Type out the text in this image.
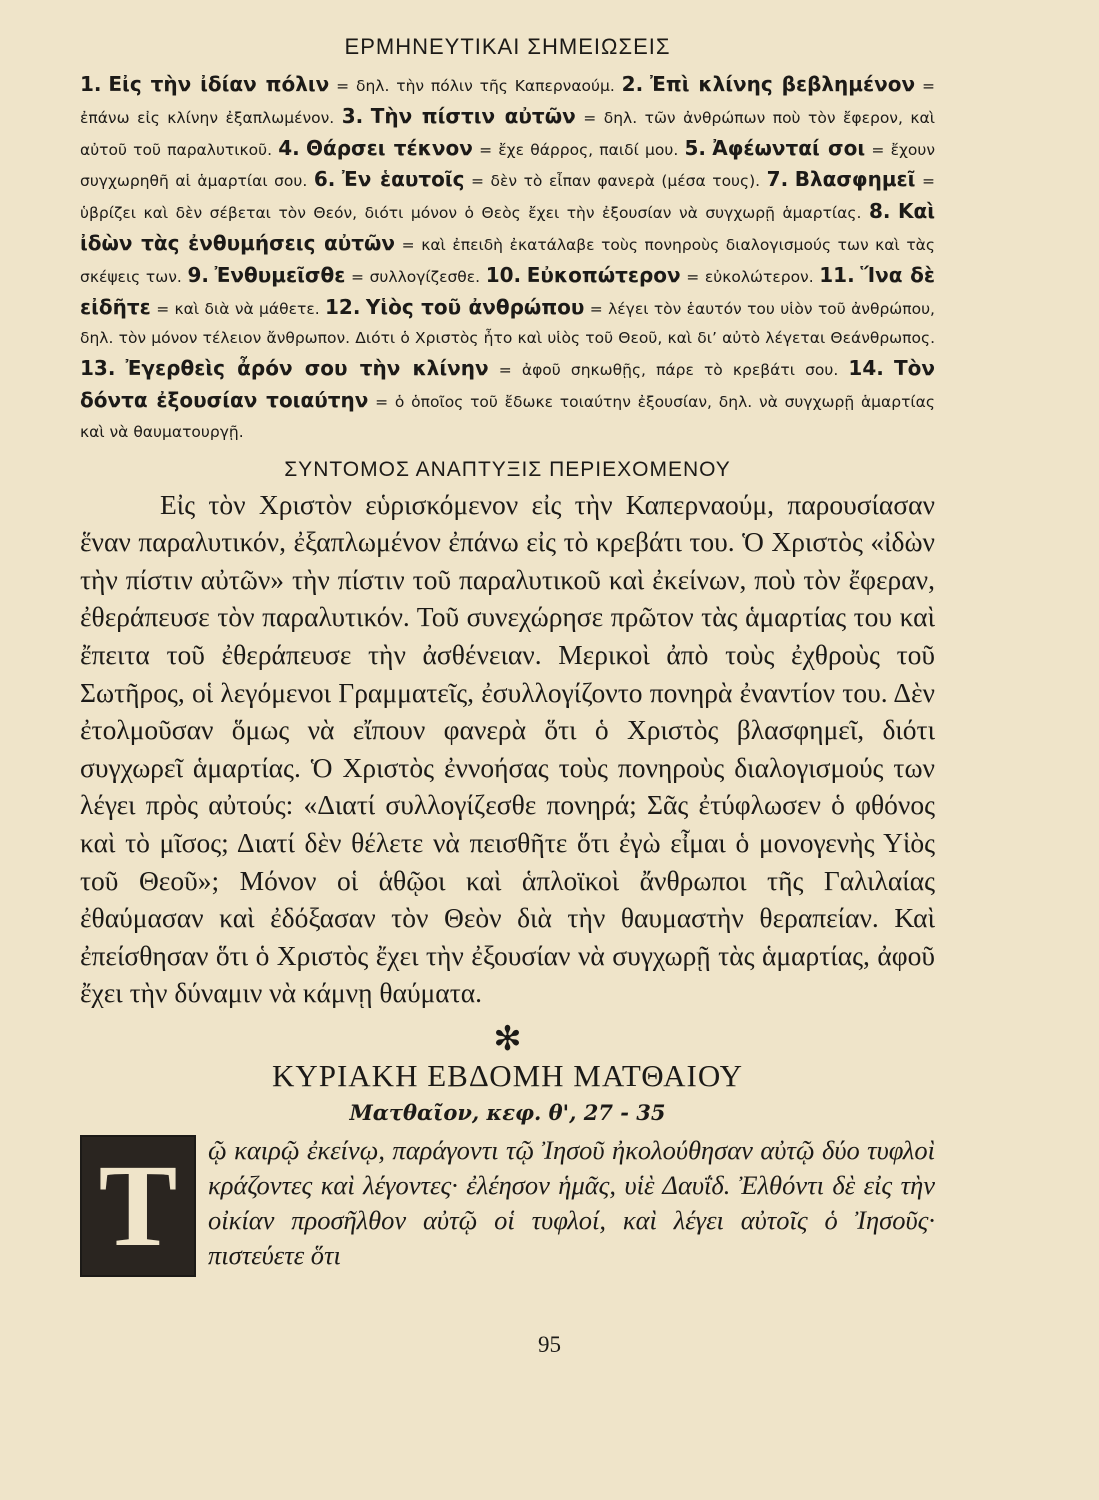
ΕΡΜΗΝΕΥΤΙΚΑΙ ΣΗΜΕΙΩΣΕΙΣ
1. Εἰς τὴν ἰδίαν πόλιν = δηλ. τὴν πόλιν τῆς Καπερναούμ. 2. Ἐπὶ κλίνης βεβλημένον = ἐπάνω εἰς κλίνην ἐξαπλωμένον. 3. Τὴν πίστιν αὐτῶν = δηλ. τῶν ἀνθρώπων ποὺ τὸν ἔφερον, καὶ αὐτοῦ τοῦ παραλυτικοῦ. 4. Θάρσει τέκνον = ἔχε θάρρος, παιδί μου. 5. Ἀφέωνταί σοι = ἔχουν συγχωρηθῆ αἱ ἁμαρτίαι σου. 6. Ἐν ἑαυτοῖς = δὲν τὸ εἶπαν φανερὰ (μέσα τους). 7. Βλασφημεῖ = ὑβρίζει καὶ δὲν σέβεται τὸν Θεόν, διότι μόνον ὁ Θεὸς ἔχει τὴν ἐξουσίαν νὰ συγχωρῇ ἁμαρτίας. 8. Καὶ ἰδὼν τὰς ἐνθυμήσεις αὐτῶν = καὶ ἐπειδὴ ἐκατάλαβε τοὺς πονηροὺς διαλογισμούς των καὶ τὰς σκέψεις των. 9. Ἐνθυμεῖσθε = συλλογίζεσθε. 10. Εὐκοπώτερον = εὐκολώτερον. 11. Ἵνα δὲ εἰδῆτε = καὶ διὰ νὰ μάθετε. 12. Υἱὸς τοῦ ἀνθρώπου = λέγει τὸν ἑαυτόν του υἱὸν τοῦ ἀνθρώπου, δηλ. τὸν μόνον τέλειον ἄνθρωπον. Διότι ὁ Χριστὸς ἦτο καὶ υἱὸς τοῦ Θεοῦ, καὶ δι’ αὐτὸ λέγεται Θεάνθρωπος. 13. Ἐγερθεὶς ἆρόν σου τὴν κλίνην = ἀφοῦ σηκωθῇς, πάρε τὸ κρεβάτι σου. 14. Τὸν δόντα ἐξουσίαν τοιαύτην = ὁ ὁποῖος τοῦ ἔδωκε τοιαύτην ἐξουσίαν, δηλ. νὰ συγχωρῇ ἁμαρτίας καὶ νὰ θαυματουργῇ.
ΣΥΝΤΟΜΟΣ ΑΝΑΠΤΥΞΙΣ ΠΕΡΙΕΧΟΜΕΝΟΥ

Εἰς τὸν Χριστὸν εὑρισκόμενον εἰς τὴν Καπερναούμ, παρουσίασαν ἕναν παραλυτικόν, ἐξαπλωμένον ἐπάνω εἰς τὸ κρεβάτι του. Ὁ Χριστὸς «ἰδὼν τὴν πίστιν αὐτῶν» τὴν πίστιν τοῦ παραλυτικοῦ καὶ ἐκείνων, ποὺ τὸν ἔφεραν, ἐθεράπευσε τὸν παραλυτικόν. Τοῦ συνεχώρησε πρῶτον τὰς ἁμαρτίας του καὶ ἔπειτα τοῦ ἐθεράπευσε τὴν ἀσθένειαν. Μερικοὶ ἀπὸ τοὺς ἐχθροὺς τοῦ Σωτῆρος, οἱ λεγόμενοι Γραμματεῖς, ἐσυλλογίζοντο πονηρὰ ἐναντίον του. Δὲν ἐτολμοῦσαν ὅμως νὰ εἴπουν φανερὰ ὅτι ὁ Χριστὸς βλασφημεῖ, διότι συγχωρεῖ ἁμαρτίας. Ὁ Χριστὸς ἐννοήσας τοὺς πονηροὺς διαλογισμούς των λέγει πρὸς αὐτούς: «Διατί συλλογίζεσθε πονηρά; Σᾶς ἐτύφλωσεν ὁ φθόνος καὶ τὸ μῖσος; Διατί δὲν θέλετε νὰ πεισθῆτε ὅτι ἐγὼ εἶμαι ὁ μονογενὴς Υἱὸς τοῦ Θεοῦ»; Μόνον οἱ ἁθῷοι καὶ ἁπλοϊκοὶ ἄνθρωποι τῆς Γαλιλαίας ἐθαύμασαν καὶ ἐδόξασαν τὸν Θεὸν διὰ τὴν θαυμαστὴν θεραπείαν. Καὶ ἐπείσθησαν ὅτι ὁ Χριστὸς ἔχει τὴν ἐξουσίαν νὰ συγχωρῇ τὰς ἁμαρτίας, ἀφοῦ ἔχει τὴν δύναμιν νὰ κάμνῃ θαύματα.

✻
ΚΥΡΙΑΚΗ ΕΒΔΟΜΗ ΜΑΤΘΑΙΟΥ
Ματθαῖον, κεφ. θ', 27 - 35
Τ	ῷ καιρῷ ἐκείνῳ, παράγοντι τῷ Ἰησοῦ ἠκολούθησαν αὐτῷ δύο τυφλοὶ κράζοντες καὶ λέγοντες· ἐλέησον ἡμᾶς, υἱὲ Δαυΐδ. Ἐλθόντι δὲ εἰς τὴν οἰκίαν προσῆλθον αὐτῷ οἱ τυφλοί, καὶ λέγει αὐτοῖς ὁ Ἰησοῦς· πιστεύετε ὅτι
95
